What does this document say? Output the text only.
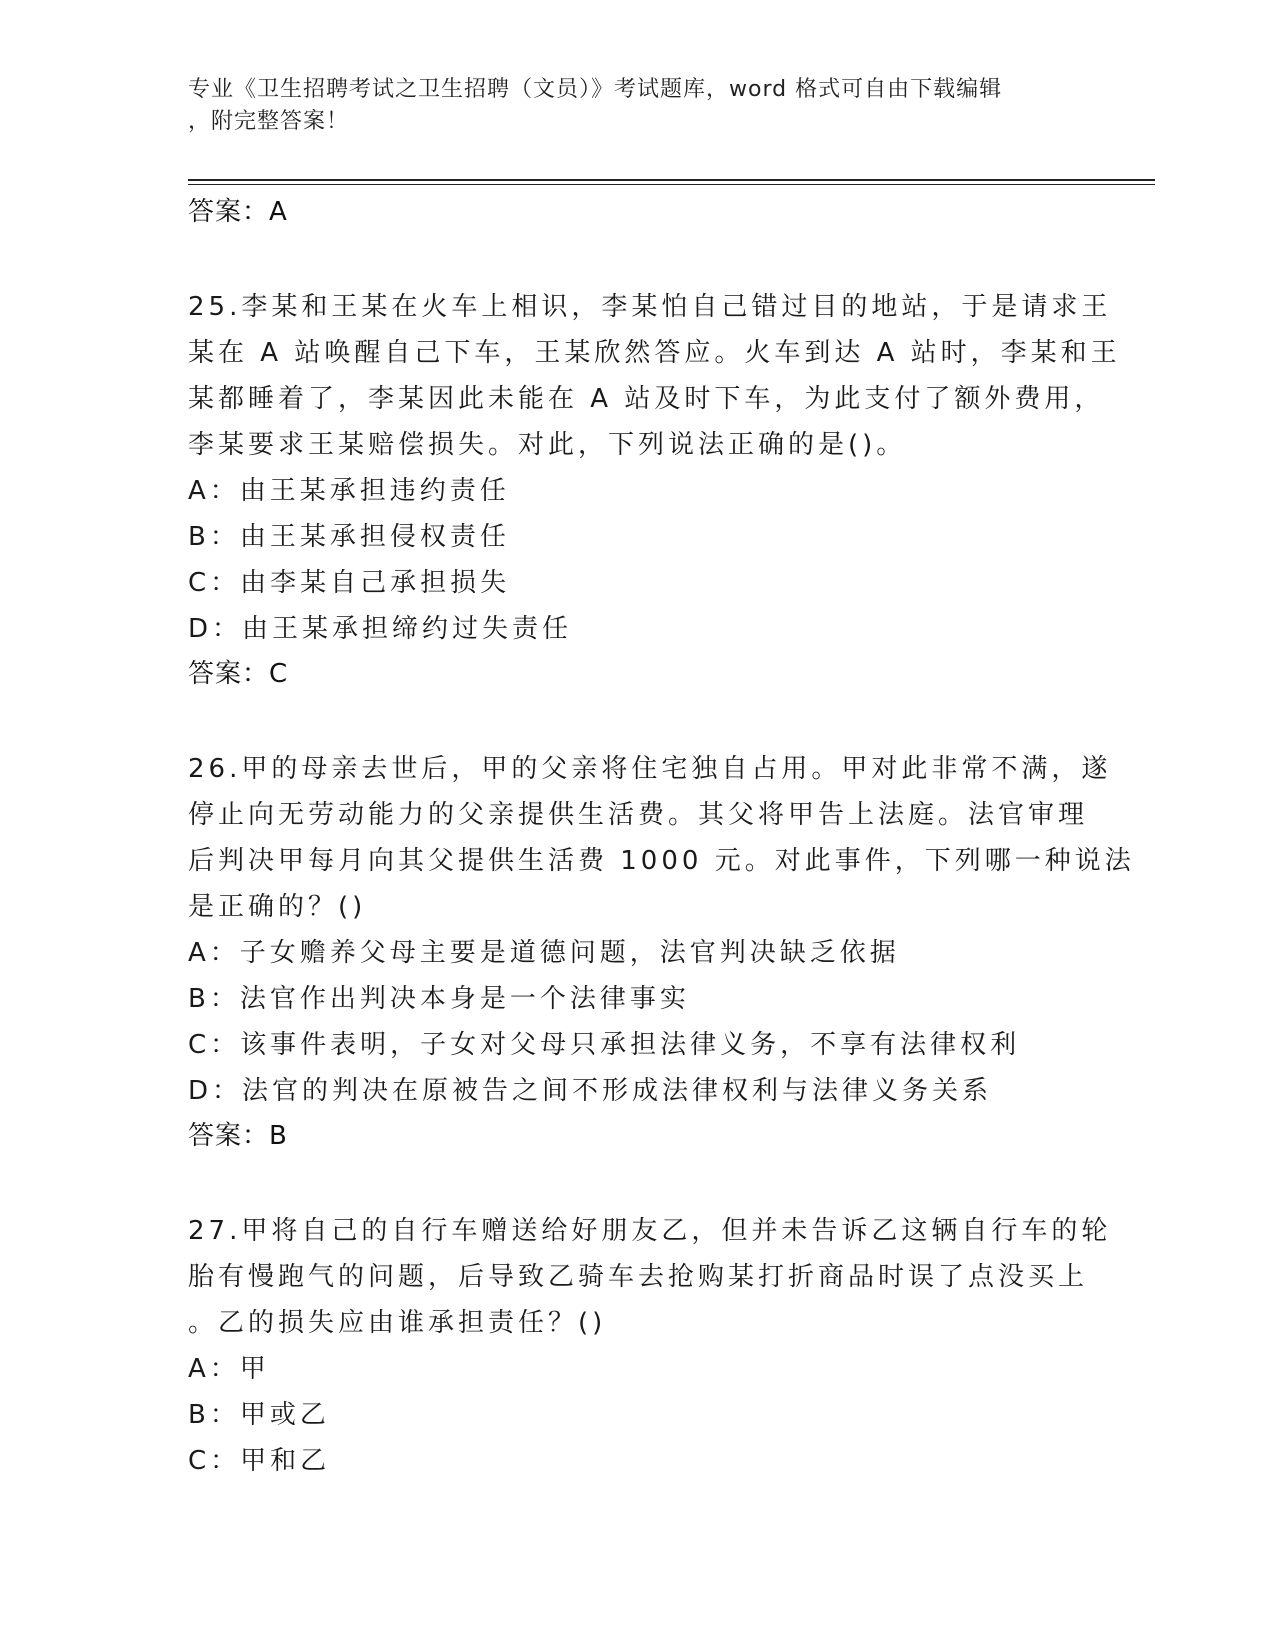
专业《卫生招聘考试之卫生招聘（文员）》考试题库，word 格式可自由下载编辑
，附完整答案！

答案：A

25.李某和王某在火车上相识，李某怕自己错过目的地站，于是请求王

某在 A 站唤醒自己下车，王某欣然答应。火车到达 A 站时，李某和王

某都睡着了，李某因此未能在 A 站及时下车，为此支付了额外费用，

李某要求王某赔偿损失。对此，下列说法正确的是()。

A：由王某承担违约责任

B：由王某承担侵权责任

C：由李某自己承担损失

D：由王某承担缔约过失责任

答案：C

26.甲的母亲去世后，甲的父亲将住宅独自占用。甲对此非常不满，遂

停止向无劳动能力的父亲提供生活费。其父将甲告上法庭。法官审理

后判决甲每月向其父提供生活费 1000 元。对此事件，下列哪一种说法

是正确的？()

A：子女赡养父母主要是道德问题，法官判决缺乏依据

B：法官作出判决本身是一个法律事实

C：该事件表明，子女对父母只承担法律义务，不享有法律权利

D：法官的判决在原被告之间不形成法律权利与法律义务关系

答案：B

27.甲将自己的自行车赠送给好朋友乙，但并未告诉乙这辆自行车的轮

胎有慢跑气的问题，后导致乙骑车去抢购某打折商品时误了点没买上

。乙的损失应由谁承担责任？()

A：甲

B：甲或乙

C：甲和乙
